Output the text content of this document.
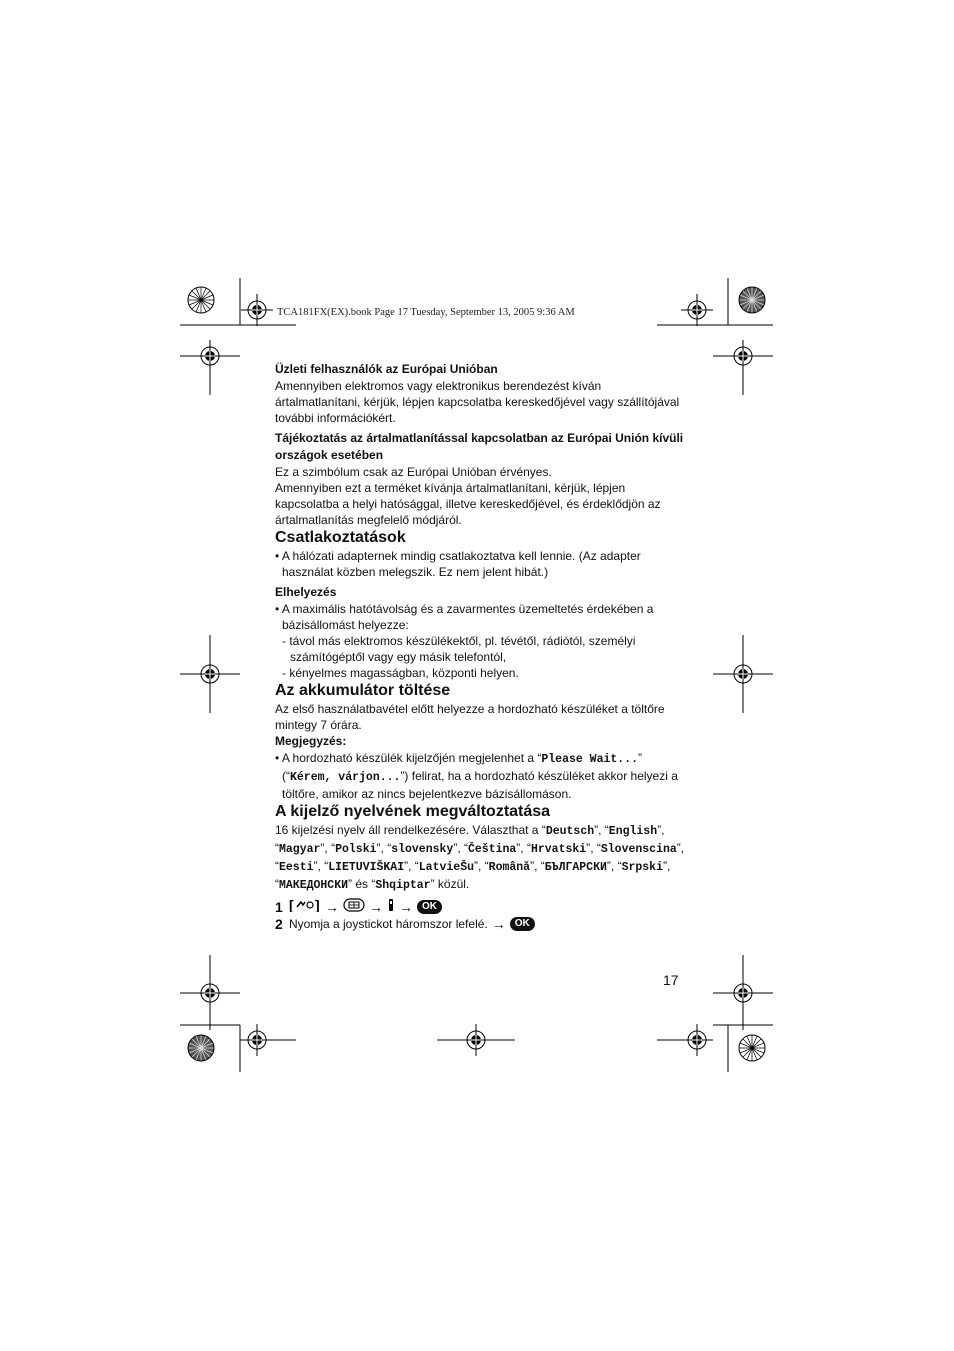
TCA181FX(EX).book Page 17 Tuesday, September 13, 2005 9:36 AM

Üzleti felhasználók az Európai Unióban

Amennyiben elektromos vagy elektronikus berendezést kíván ártalmatlanítani, kérjük, lépjen kapcsolatba kereskedőjével vagy szállítójával további információkért.

Tájékoztatás az ártalmatlanítással kapcsolatban az Európai Unión kívüli országok esetében

Ez a szimbólum csak az Európai Unióban érvényes.

Amennyiben ezt a terméket kívánja ártalmatlanítani, kérjük, lépjen kapcsolatba a helyi hatósággal, illetve kereskedőjével, és érdeklődjön az ártalmatlanítás megfelelő módjáról.

Csatlakoztatások

• A hálózati adapternek mindig csatlakoztatva kell lennie. (Az adapter használat közben melegszik. Ez nem jelent hibát.)

Elhelyezés

• A maximális hatótávolság és a zavarmentes üzemeltetés érdekében a bázisállomást helyezze:

- távol más elektromos készülékektől, pl. tévétől, rádiótól, személyi számítógéptől vagy egy másik telefontól,

- kényelmes magasságban, központi helyen.

Az akkumulátor töltése

Az első használatbavétel előtt helyezze a hordozható készüléket a töltőre mintegy 7 órára.

Megjegyzés:

• A hordozható készülék kijelzőjén megjelenhet a “Please Wait...” (“Kérem, várjon...”) felirat, ha a hordozható készüléket akkor helyezi a töltőre, amikor az nincs bejelentkezve bázisállomáson.

A kijelző nyelvének megváltoztatása

16 kijelzési nyelv áll rendelkezésére. Választhat a “Deutsch”, “English”, “Magyar”, “Polski”, “slovensky”, “Čeština”, “Hrvatski”, “Slovenscina”, “Eesti”, “LIETUVIŠKAI”, “LatvieŠu”, “Română”, “БЪЛГАРСКИ”, “Srpski”, “МАКЕДОНСКИ” és “Shqiptar” közül.

1 [ ] → → → OK

2 Nyomja a joystickot háromszor lefelé. → OK

17
